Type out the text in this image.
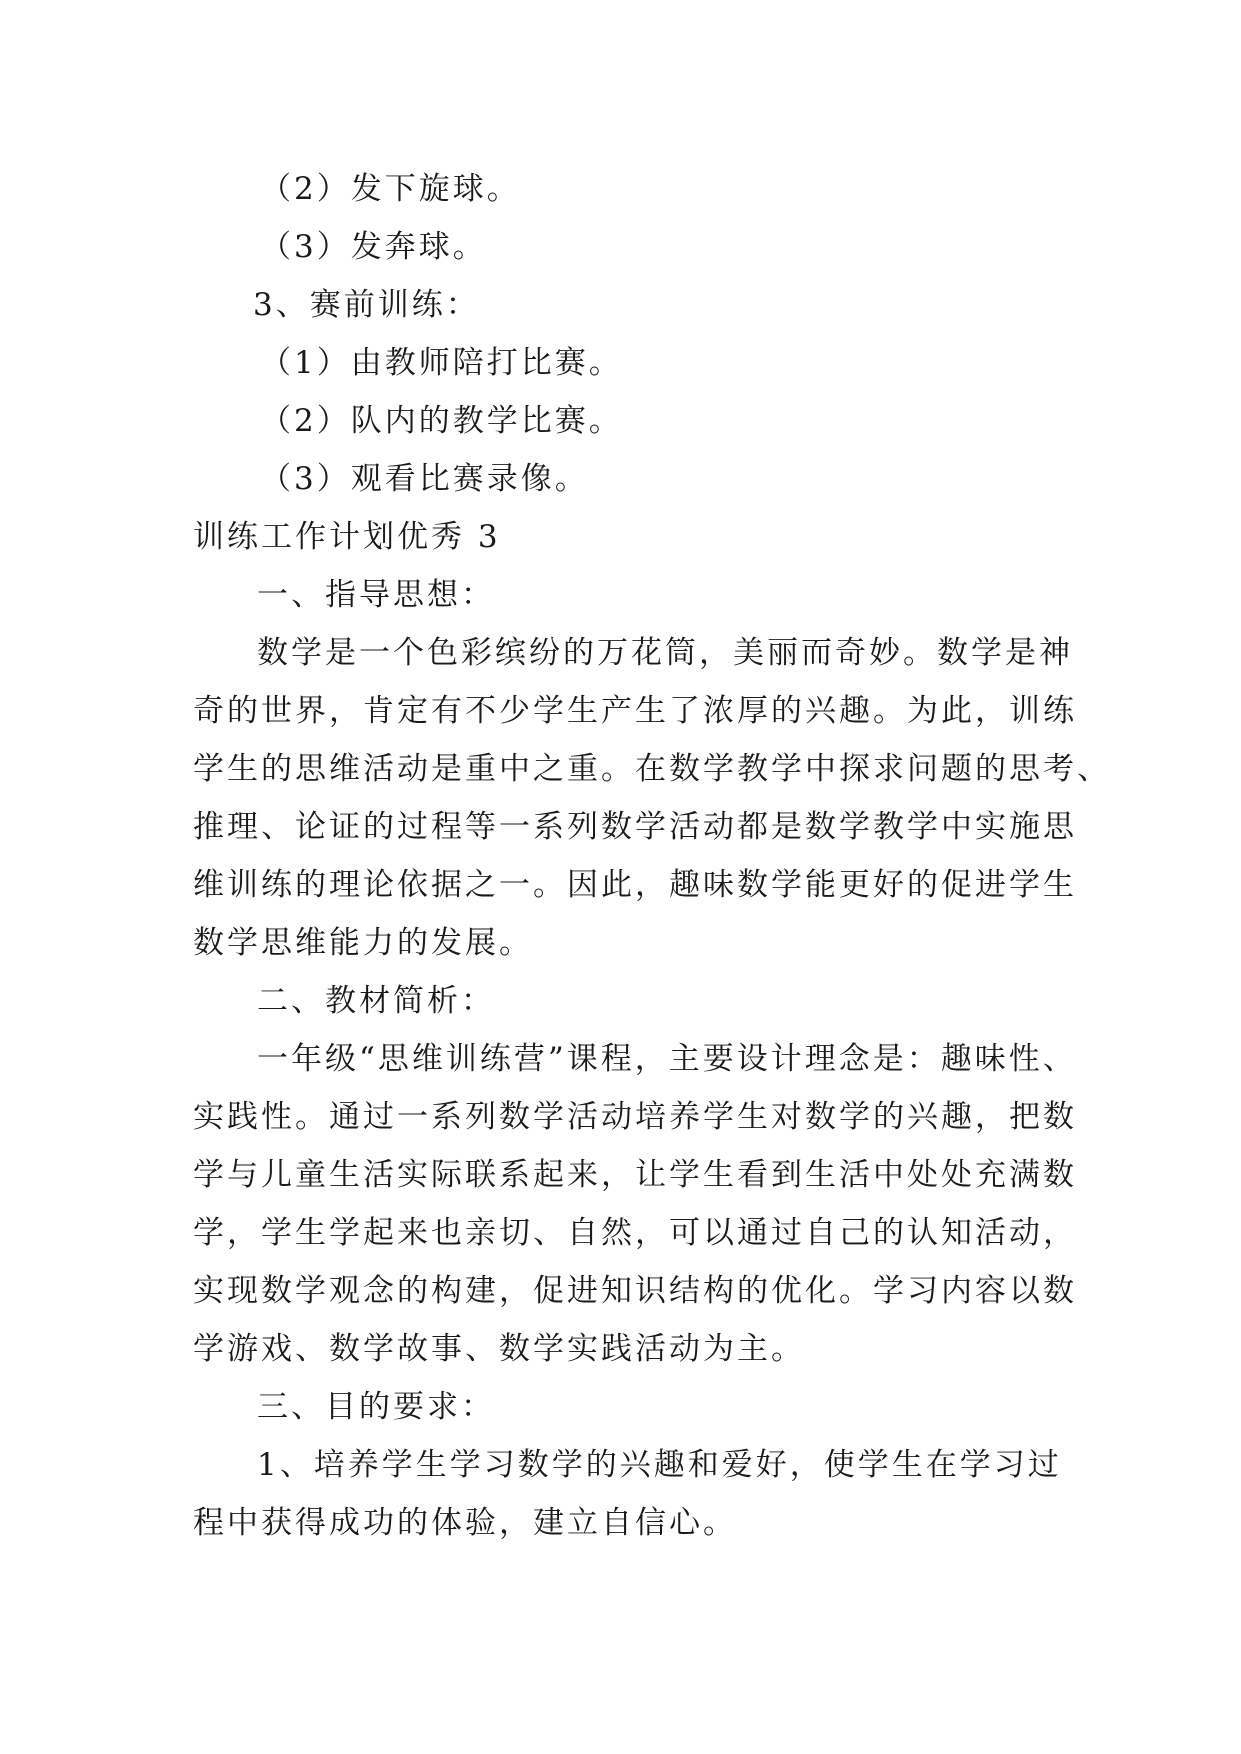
（2）发下旋球。
（3）发奔球。
3、赛前训练：
（1）由教师陪打比赛。
（2）队内的教学比赛。
（3）观看比赛录像。
训练工作计划优秀 3
一、指导思想：
数学是一个色彩缤纷的万花筒，美丽而奇妙。数学是神
奇的世界，肯定有不少学生产生了浓厚的兴趣。为此，训练
学生的思维活动是重中之重。在数学教学中探求问题的思考、
推理、论证的过程等一系列数学活动都是数学教学中实施思
维训练的理论依据之一。因此，趣味数学能更好的促进学生
数学思维能力的发展。
二、教材简析：
一年级“思维训练营”课程，主要设计理念是：趣味性、
实践性。通过一系列数学活动培养学生对数学的兴趣，把数
学与儿童生活实际联系起来，让学生看到生活中处处充满数
学，学生学起来也亲切、自然，可以通过自己的认知活动，
实现数学观念的构建，促进知识结构的优化。学习内容以数
学游戏、数学故事、数学实践活动为主。
三、目的要求：
1、培养学生学习数学的兴趣和爱好，使学生在学习过
程中获得成功的体验，建立自信心。
